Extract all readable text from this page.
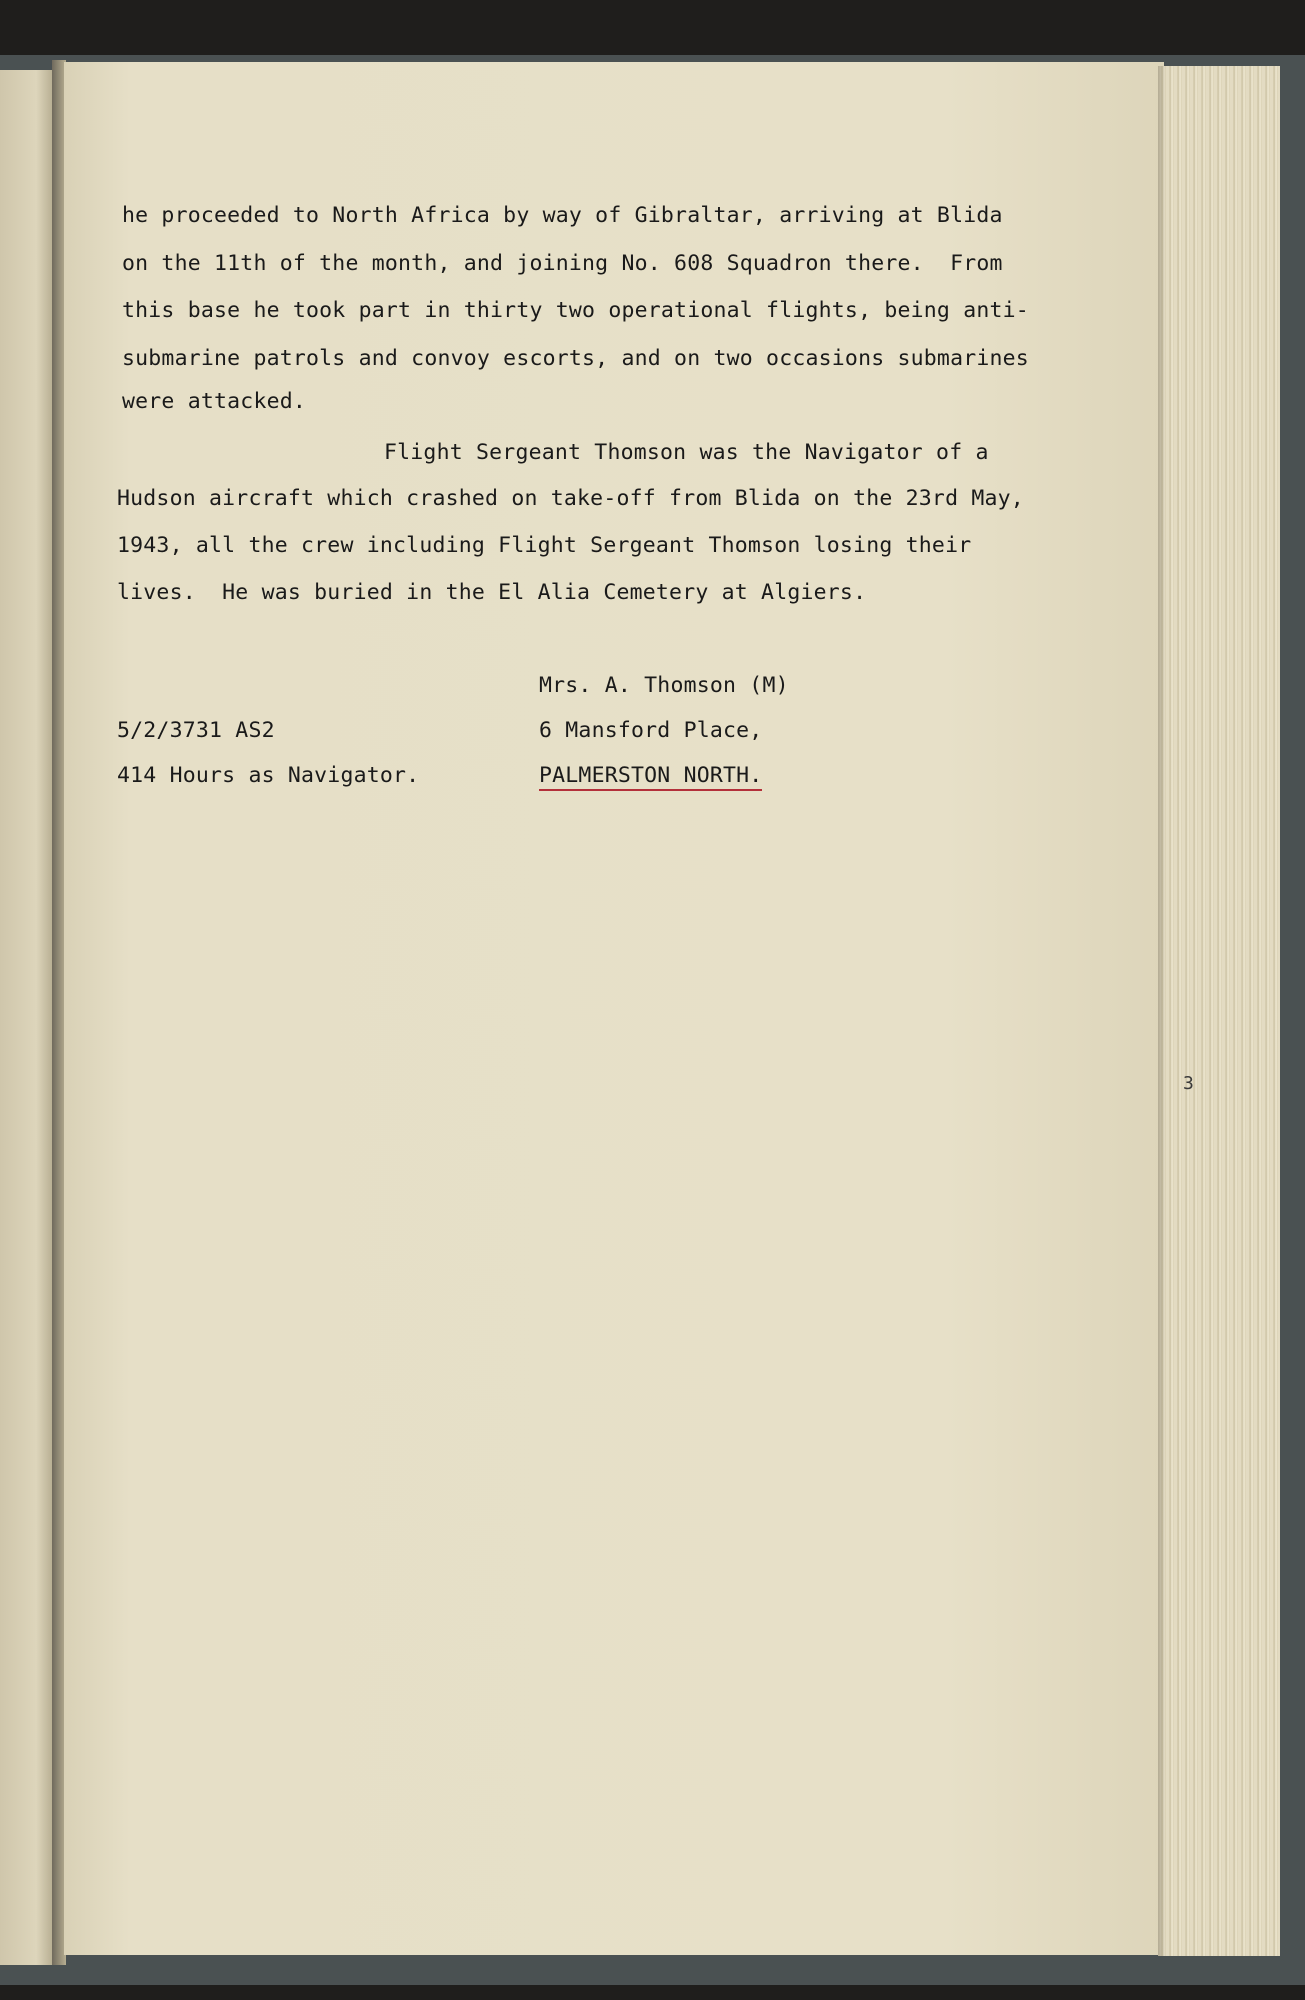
he proceeded to North Africa by way of Gibraltar, arriving at Blida
on the 11th of the month, and joining No. 608 Squadron there.  From
this base he took part in thirty two operational flights, being anti-
submarine patrols and convoy escorts, and on two occasions submarines
were attacked.
Flight Sergeant Thomson was the Navigator of a
Hudson aircraft which crashed on take-off from Blida on the 23rd May,
1943, all the crew including Flight Sergeant Thomson losing their
lives.  He was buried in the El Alia Cemetery at Algiers.
Mrs. A. Thomson (M)
5/2/3731 AS2	6 Mansford Place,
414 Hours as Navigator.	PALMERSTON NORTH.
3
